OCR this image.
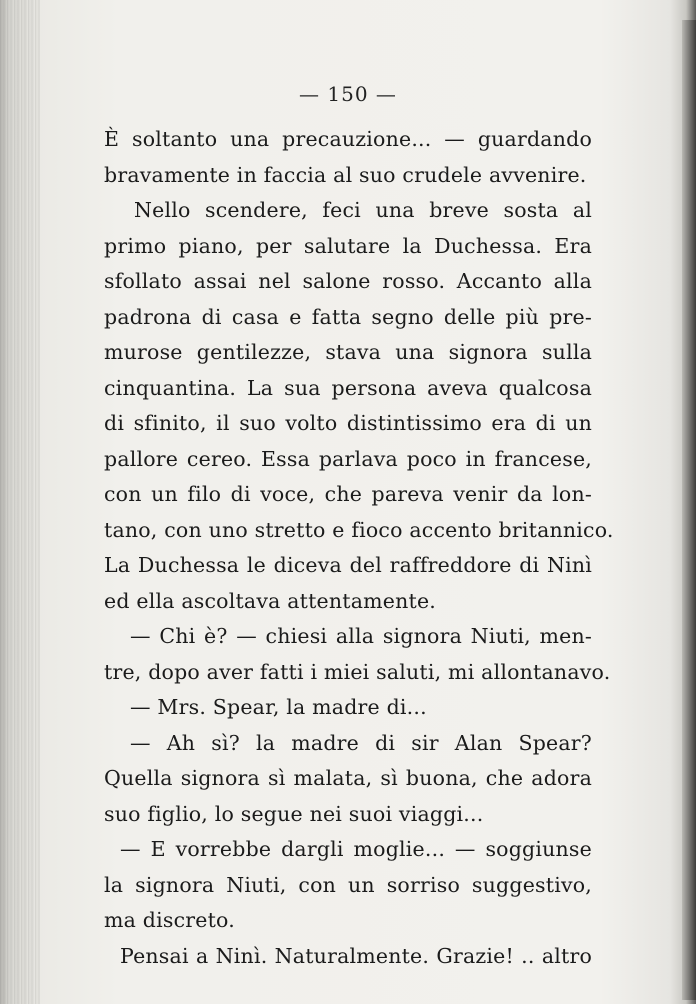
— 150 —
È soltanto una precauzione... — guardando
bravamente in faccia al suo crudele avvenire.
Nello scendere, feci una breve sosta al
primo piano, per salutare la Duchessa. Era
sfollato assai nel salone rosso. Accanto alla
padrona di casa e fatta segno delle più pre-
murose gentilezze, stava una signora sulla
cinquantina. La sua persona aveva qualcosa
di sfinito, il suo volto distintissimo era di un
pallore cereo. Essa parlava poco in francese,
con un filo di voce, che pareva venir da lon-
tano, con uno stretto e fioco accento britannico.
La Duchessa le diceva del raffreddore di Ninì
ed ella ascoltava attentamente.
— Chi è? — chiesi alla signora Niuti, men-
tre, dopo aver fatti i miei saluti, mi allontanavo.
— Mrs. Spear, la madre di...
— Ah sì? la madre di sir Alan Spear?
Quella signora sì malata, sì buona, che adora
suo figlio, lo segue nei suoi viaggi...
— E vorrebbe dargli moglie... — soggiunse
la signora Niuti, con un sorriso suggestivo,
ma discreto.
Pensai a Ninì. Naturalmente. Grazie! .. altro
